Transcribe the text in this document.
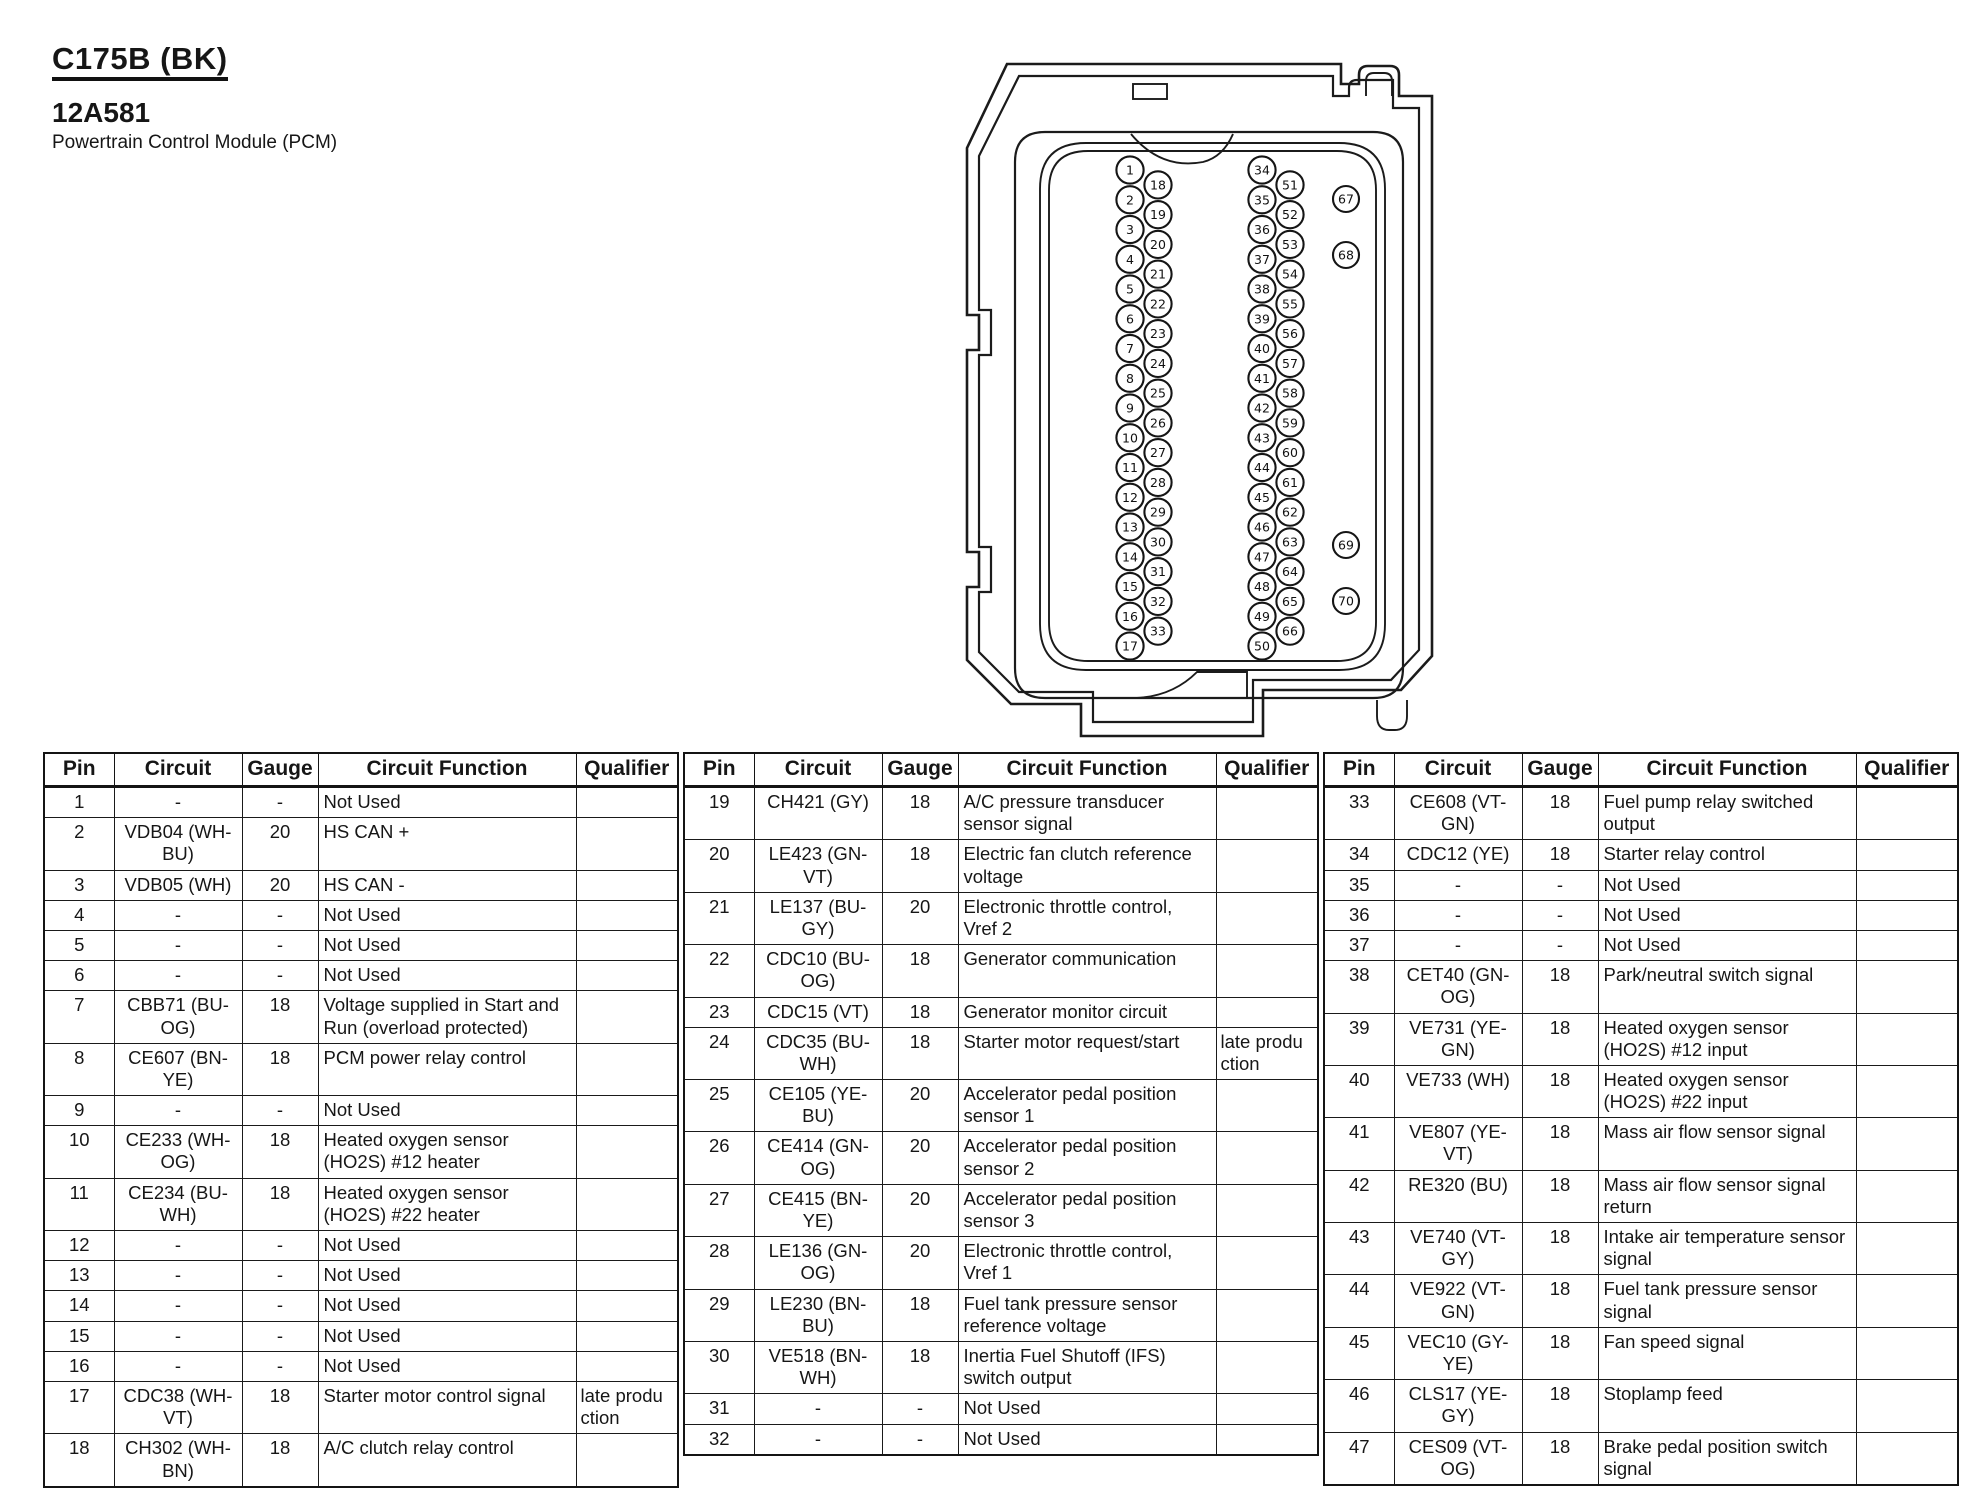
C175B (BK)
12A581
Powertrain Control Module (PCM)
1
2
3
4
5
6
7
8
9
10
11
12
13
14
15
16
17
18
19
20
21
22
23
24
25
26
27
28
29
30
31
32
33
34
35
36
37
38
39
40
41
42
43
44
45
46
47
48
49
50
51
52
53
54
55
56
57
58
59
60
61
62
63
64
65
66
67
68
69
70
Pin	Circuit	Gauge	Circuit Function	Qualifier
1	-	-	Not Used	
2	VDB04 (WH-BU)	20	HS CAN +	
3	VDB05 (WH)	20	HS CAN -	
4	-	-	Not Used	
5	-	-	Not Used	
6	-	-	Not Used	
7	CBB71 (BU-OG)	18	Voltage supplied in Start and Run (overload protected)	
8	CE607 (BN-YE)	18	PCM power relay control	
9	-	-	Not Used	
10	CE233 (WH-OG)	18	Heated oxygen sensor (HO2S) #12 heater	
11	CE234 (BU-WH)	18	Heated oxygen sensor (HO2S) #22 heater	
12	-	-	Not Used	
13	-	-	Not Used	
14	-	-	Not Used	
15	-	-	Not Used	
16	-	-	Not Used	
17	CDC38 (WH-VT)	18	Starter motor control signal	late production
18	CH302 (WH-BN)	18	A/C clutch relay control	
Pin	Circuit	Gauge	Circuit Function	Qualifier
19	CH421 (GY)	18	A/C pressure transducer sensor signal	
20	LE423 (GN-VT)	18	Electric fan clutch reference voltage	
21	LE137 (BU-GY)	20	Electronic throttle control, Vref 2	
22	CDC10 (BU-OG)	18	Generator communication	
23	CDC15 (VT)	18	Generator monitor circuit	
24	CDC35 (BU-WH)	18	Starter motor request/start	late production
25	CE105 (YE-BU)	20	Accelerator pedal position sensor 1	
26	CE414 (GN-OG)	20	Accelerator pedal position sensor 2	
27	CE415 (BN-YE)	20	Accelerator pedal position sensor 3	
28	LE136 (GN-OG)	20	Electronic throttle control, Vref 1	
29	LE230 (BN-BU)	18	Fuel tank pressure sensor reference voltage	
30	VE518 (BN-WH)	18	Inertia Fuel Shutoff (IFS) switch output	
31	-	-	Not Used	
32	-	-	Not Used	
Pin	Circuit	Gauge	Circuit Function	Qualifier
33	CE608 (VT-GN)	18	Fuel pump relay switched output	
34	CDC12 (YE)	18	Starter relay control	
35	-	-	Not Used	
36	-	-	Not Used	
37	-	-	Not Used	
38	CET40 (GN-OG)	18	Park/neutral switch signal	
39	VE731 (YE-GN)	18	Heated oxygen sensor (HO2S) #12 input	
40	VE733 (WH)	18	Heated oxygen sensor (HO2S) #22 input	
41	VE807 (YE-VT)	18	Mass air flow sensor signal	
42	RE320 (BU)	18	Mass air flow sensor signal return	
43	VE740 (VT-GY)	18	Intake air temperature sensor signal	
44	VE922 (VT-GN)	18	Fuel tank pressure sensor signal	
45	VEC10 (GY-YE)	18	Fan speed signal	
46	CLS17 (YE-GY)	18	Stoplamp feed	
47	CES09 (VT-OG)	18	Brake pedal position switch signal	
